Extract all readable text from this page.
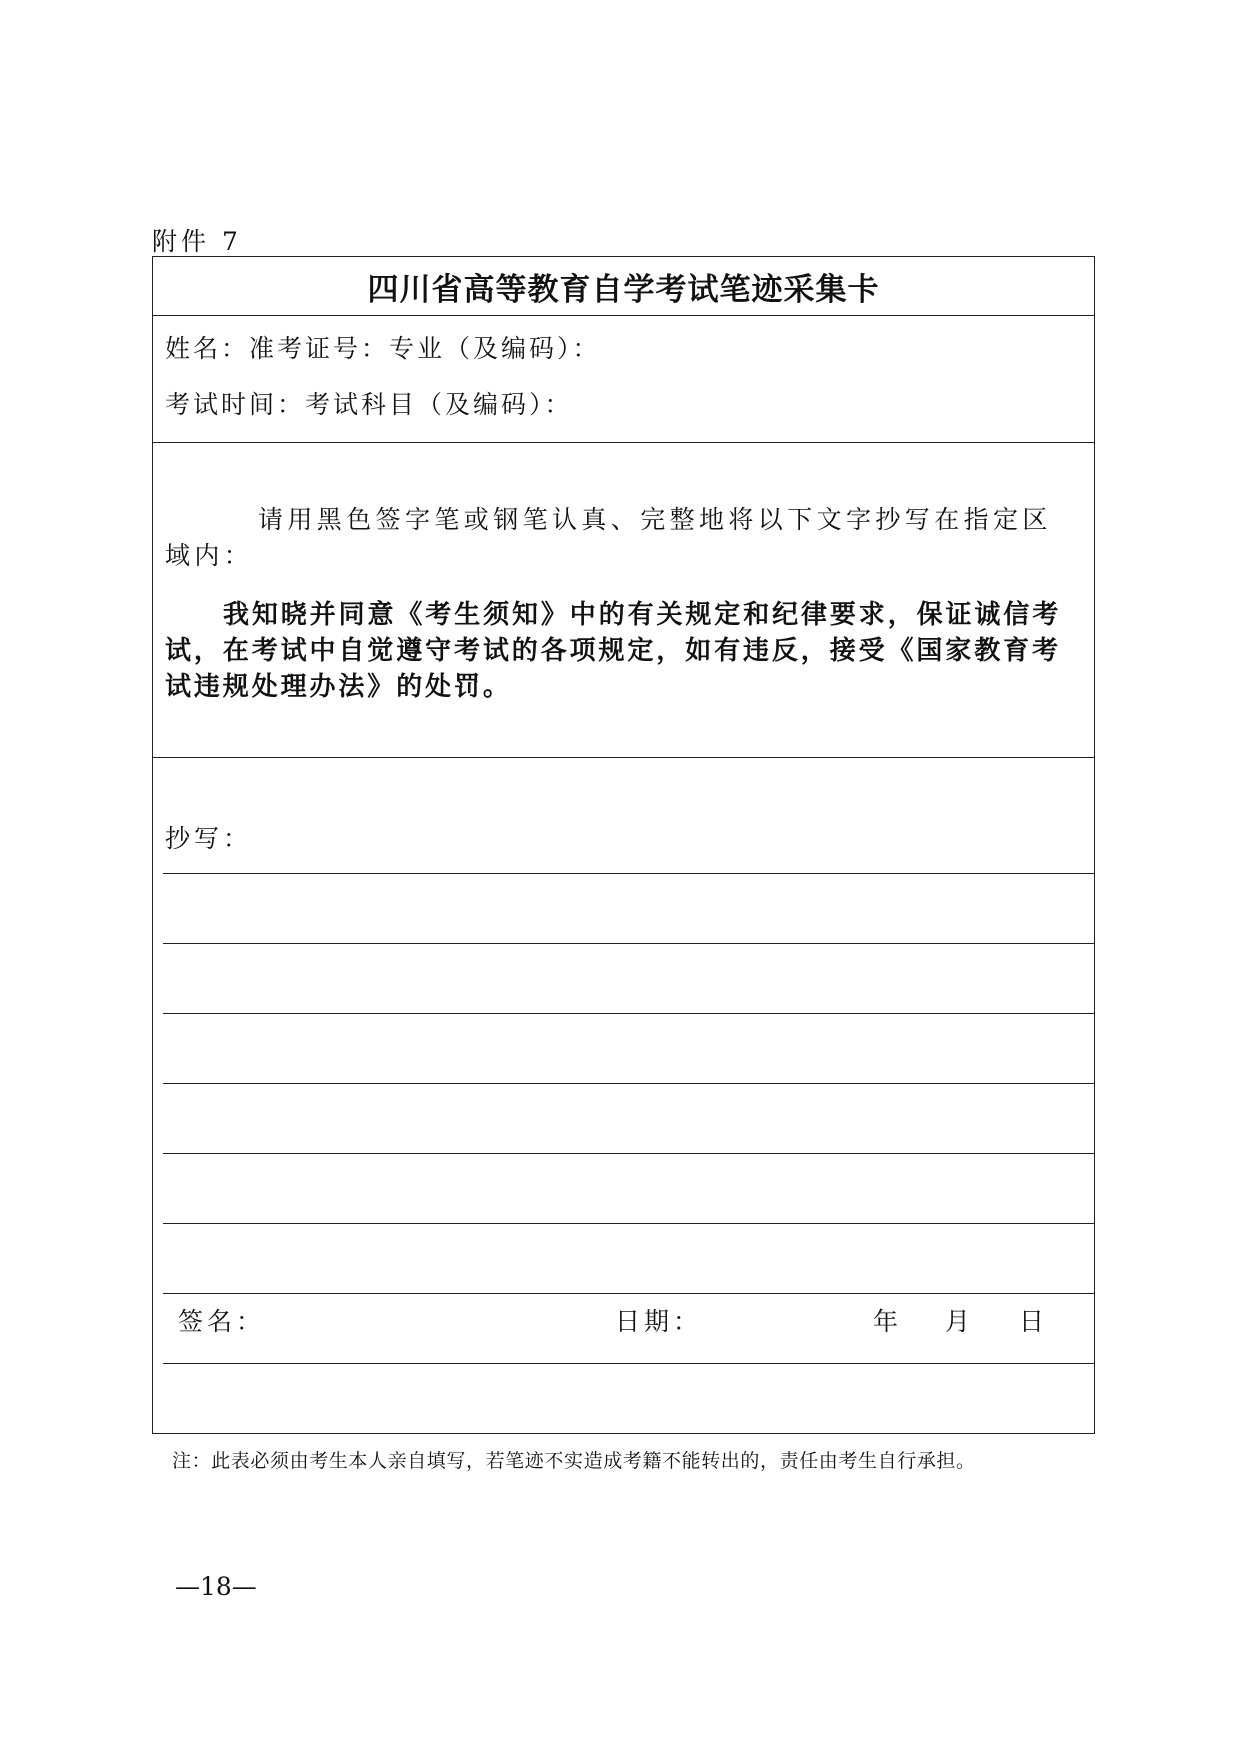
附件 7
四川省高等教育自学考试笔迹采集卡
姓名：准考证号：专业（及编码）：
考试时间：考试科目（及编码）：
请用黑色签字笔或钢笔认真、完整地将以下文字抄写在指定区域内：
我知晓并同意《考生须知》中的有关规定和纪律要求，保证诚信考试，在考试中自觉遵守考试的各项规定，如有违反，接受《国家教育考试违规处理办法》的处罚。
抄写：
签名：	日期：	年 月 日
注：此表必须由考生本人亲自填写，若笔迹不实造成考籍不能转出的，责任由考生自行承担。
—18—
